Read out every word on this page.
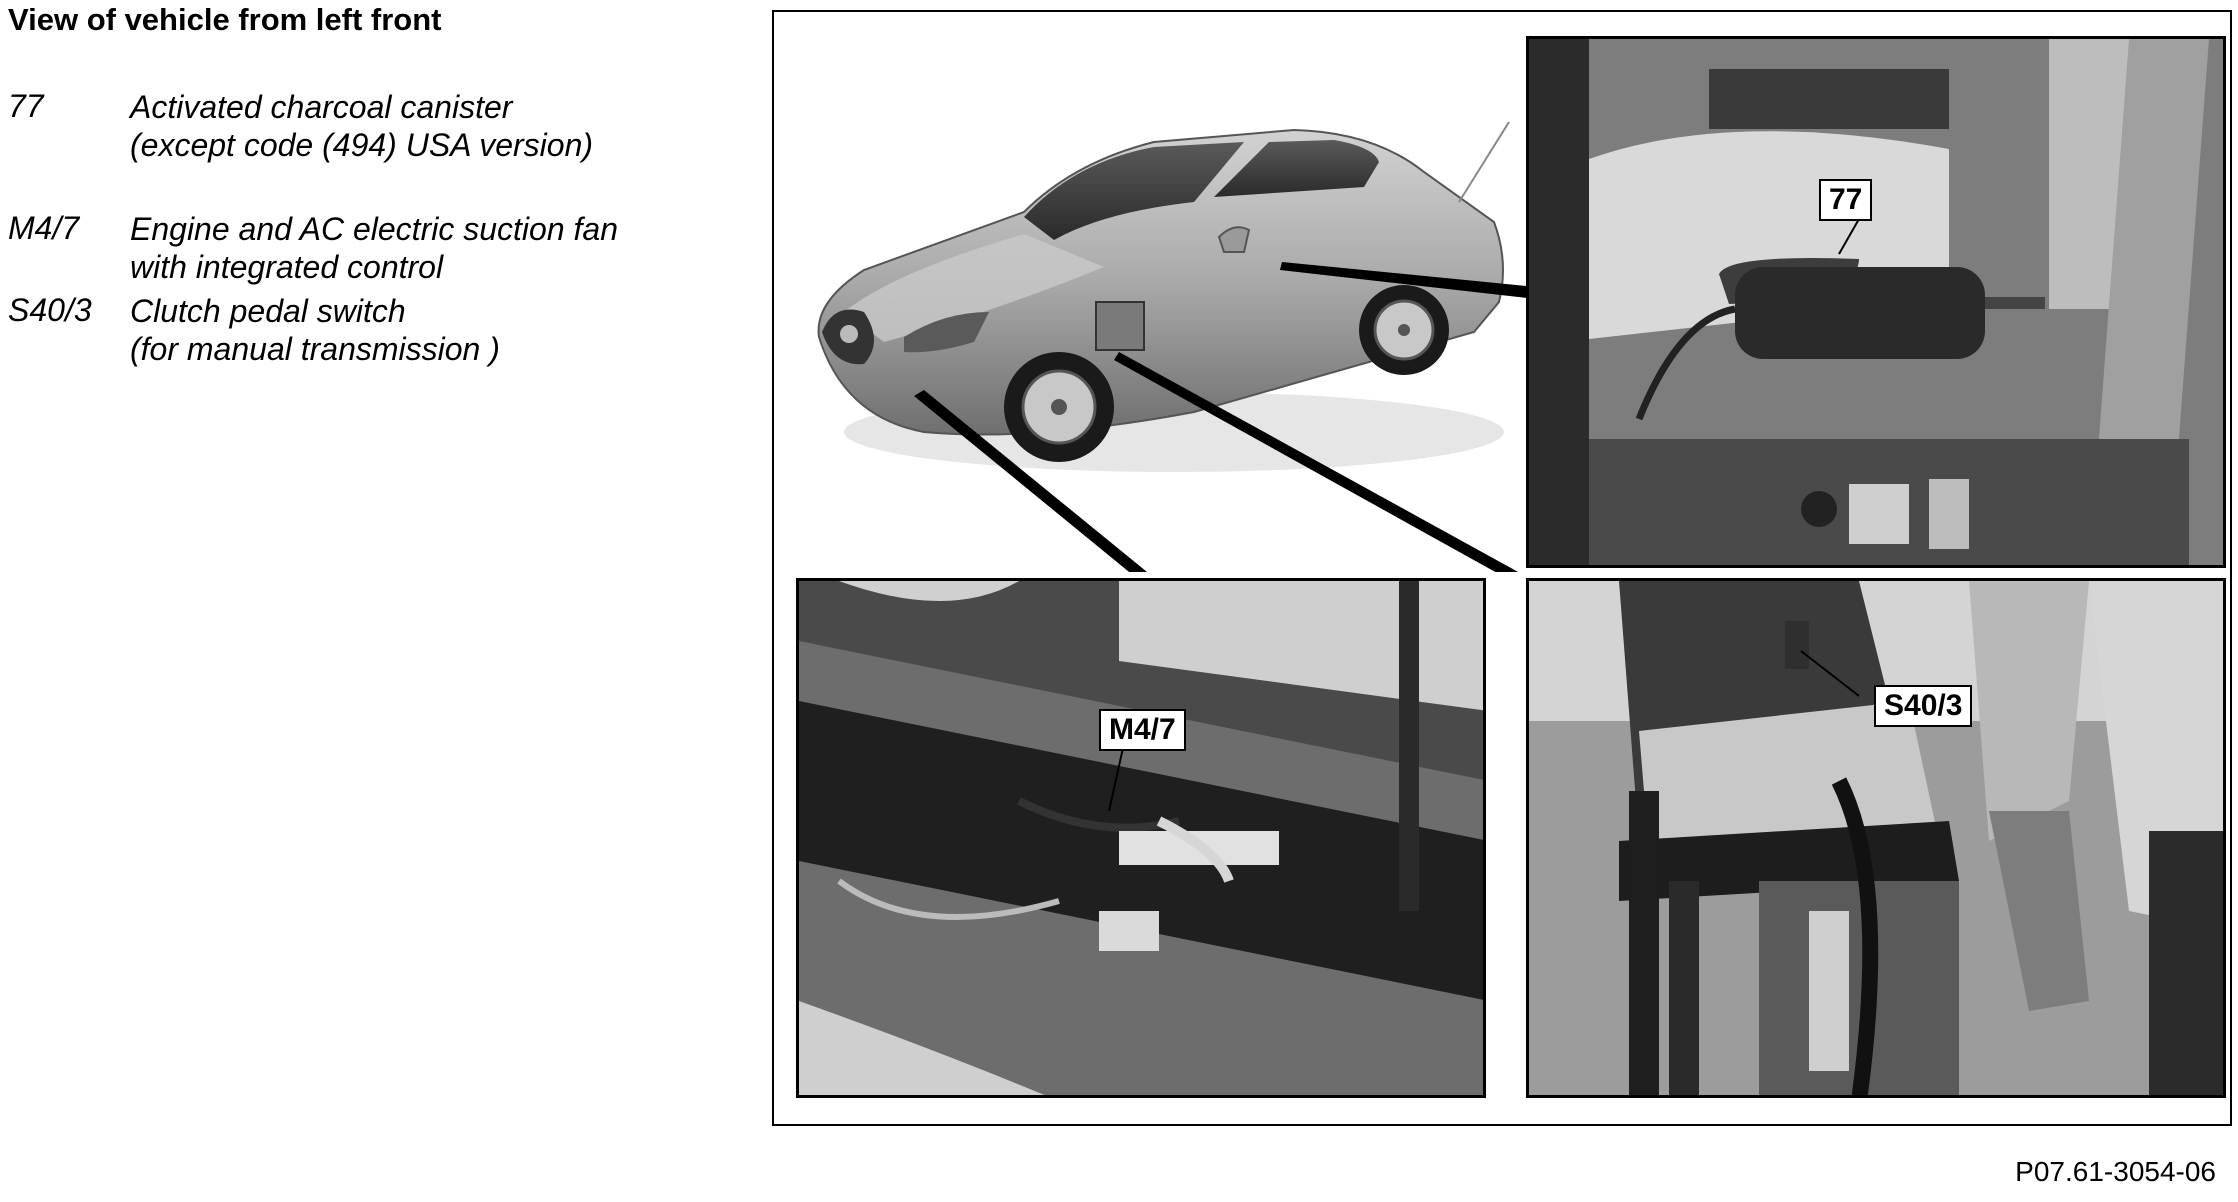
View of vehicle from left front
77	Activated charcoal canister
(except code (494) USA version)
M4/7 Engine and AC electric suction fan
with integrated control
S40/3 Clutch pedal switch
(for manual transmission )
77
M4/7
S40/3
P07.61-3054-06
